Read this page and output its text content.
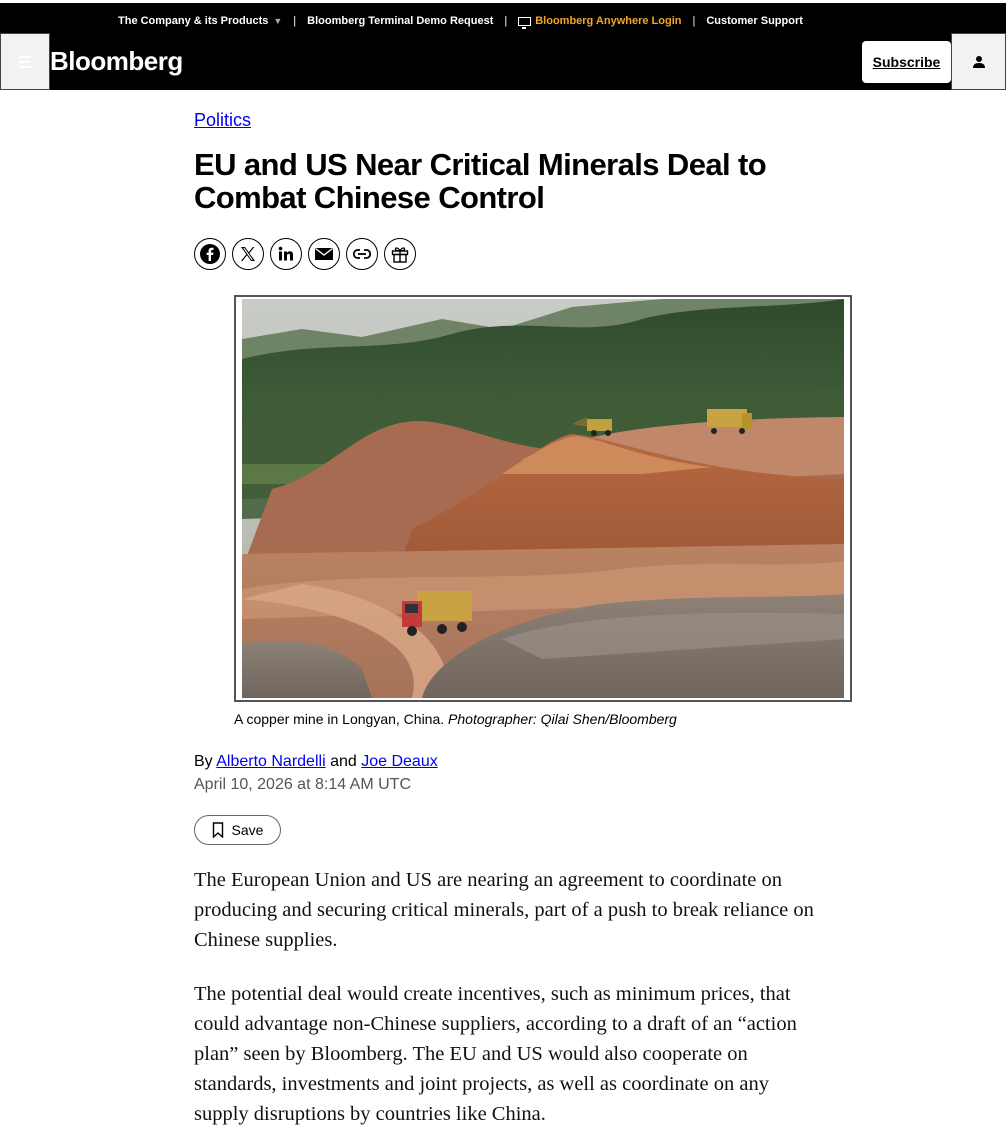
The Company & its Products ▼ | Bloomberg Terminal Demo Request |	Bloomberg Anywhere Login | Customer Support
Bloomberg	Subscribe
Politics
EU and US Near Critical Minerals Deal to Combat Chinese Control
A copper mine in Longyan, China. Photographer: Qilai Shen/Bloomberg
By Alberto Nardelli and Joe Deaux
April 10, 2026 at 8:14 AM UTC
Save

The European Union and US are nearing an agreement to coordinate on producing and securing critical minerals, part of a push to break reliance on Chinese supplies.

The potential deal would create incentives, such as minimum prices, that could advantage non-Chinese suppliers, according to a draft of an “action plan” seen by Bloomberg. The EU and US would also cooperate on standards, investments and joint projects, as well as coordinate on any supply disruptions by countries like China.
